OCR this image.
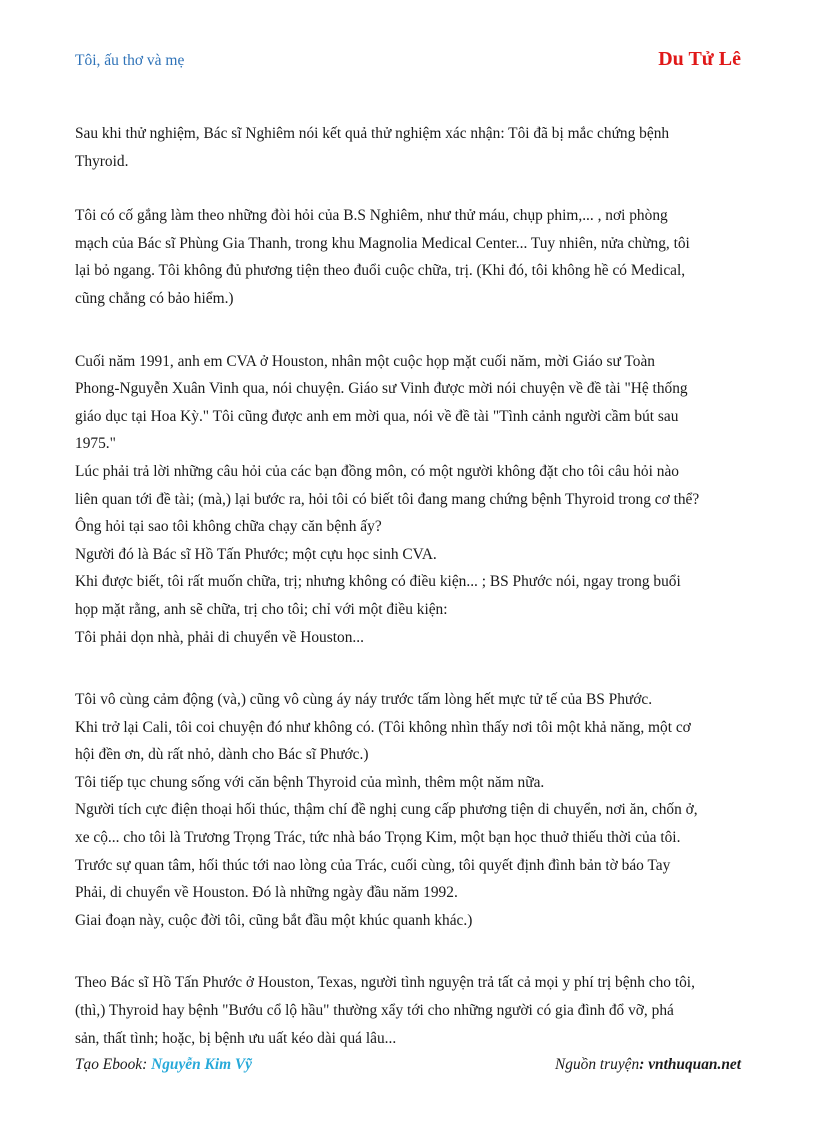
Tôi, ấu thơ và mẹ	Du Tử Lê

Sau khi thử nghiệm, Bác sĩ Nghiêm nói kết quả thử nghiệm xác nhận: Tôi đã bị mắc chứng bệnh

Thyroid.

Tôi có cố gắng làm theo những đòi hỏi của B.S Nghiêm, như thử máu, chụp phim,... , nơi phòng

mạch của Bác sĩ Phùng Gia Thanh, trong khu Magnolia Medical Center... Tuy nhiên, nửa chừng, tôi

lại bỏ ngang. Tôi không đủ phương tiện theo đuổi cuộc chữa, trị. (Khi đó, tôi không hề có Medical,

cũng chẳng có bảo hiểm.)

Cuối năm 1991, anh em CVA ở Houston, nhân một cuộc họp mặt cuối năm, mời Giáo sư Toàn

Phong-Nguyễn Xuân Vinh qua, nói chuyện. Giáo sư Vinh được mời nói chuyện về đề tài "Hệ thống

giáo dục tại Hoa Kỳ." Tôi cũng được anh em mời qua, nói về đề tài "Tình cảnh người cầm bút sau

1975."

Lúc phải trả lời những câu hỏi của các bạn đồng môn, có một người không đặt cho tôi câu hỏi nào

liên quan tới đề tài; (mà,) lại bước ra, hỏi tôi có biết tôi đang mang chứng bệnh Thyroid trong cơ thể?

Ông hỏi tại sao tôi không chữa chạy căn bệnh ấy?

Người đó là Bác sĩ Hồ Tấn Phước; một cựu học sinh CVA.

Khi được biết, tôi rất muốn chữa, trị; nhưng không có điều kiện... ; BS Phước nói, ngay trong buổi

họp mặt rằng, anh sẽ chữa, trị cho tôi; chỉ với một điều kiện:

Tôi phải dọn nhà, phải di chuyển về Houston...

Tôi vô cùng cảm động (và,) cũng vô cùng áy náy trước tấm lòng hết mực tử tế của BS Phước.

Khi trở lại Cali, tôi coi chuyện đó như không có. (Tôi không nhìn thấy nơi tôi một khả năng, một cơ

hội đền ơn, dù rất nhỏ, dành cho Bác sĩ Phước.)

Tôi tiếp tục chung sống với căn bệnh Thyroid của mình, thêm một năm nữa.

Người tích cực điện thoại hối thúc, thậm chí đề nghị cung cấp phương tiện di chuyển, nơi ăn, chốn ở,

xe cộ... cho tôi là Trương Trọng Trác, tức nhà báo Trọng Kim, một bạn học thuở thiếu thời của tôi.

Trước sự quan tâm, hối thúc tới nao lòng của Trác, cuối cùng, tôi quyết định đình bản tờ báo Tay

Phải, di chuyển về Houston. Đó là những ngày đầu năm 1992.

Giai đoạn này, cuộc đời tôi, cũng bắt đầu một khúc quanh khác.)

Theo Bác sĩ Hồ Tấn Phước ở Houston, Texas, người tình nguyện trả tất cả mọi y phí trị bệnh cho tôi,

(thì,) Thyroid hay bệnh "Bướu cổ lộ hầu" thường xẩy tới cho những người có gia đình đổ vỡ, phá

sản, thất tình; hoặc, bị bệnh ưu uất kéo dài quá lâu...

Tạo Ebook: Nguyễn Kim Vỹ	Nguồn truyện: vnthuquan.net
